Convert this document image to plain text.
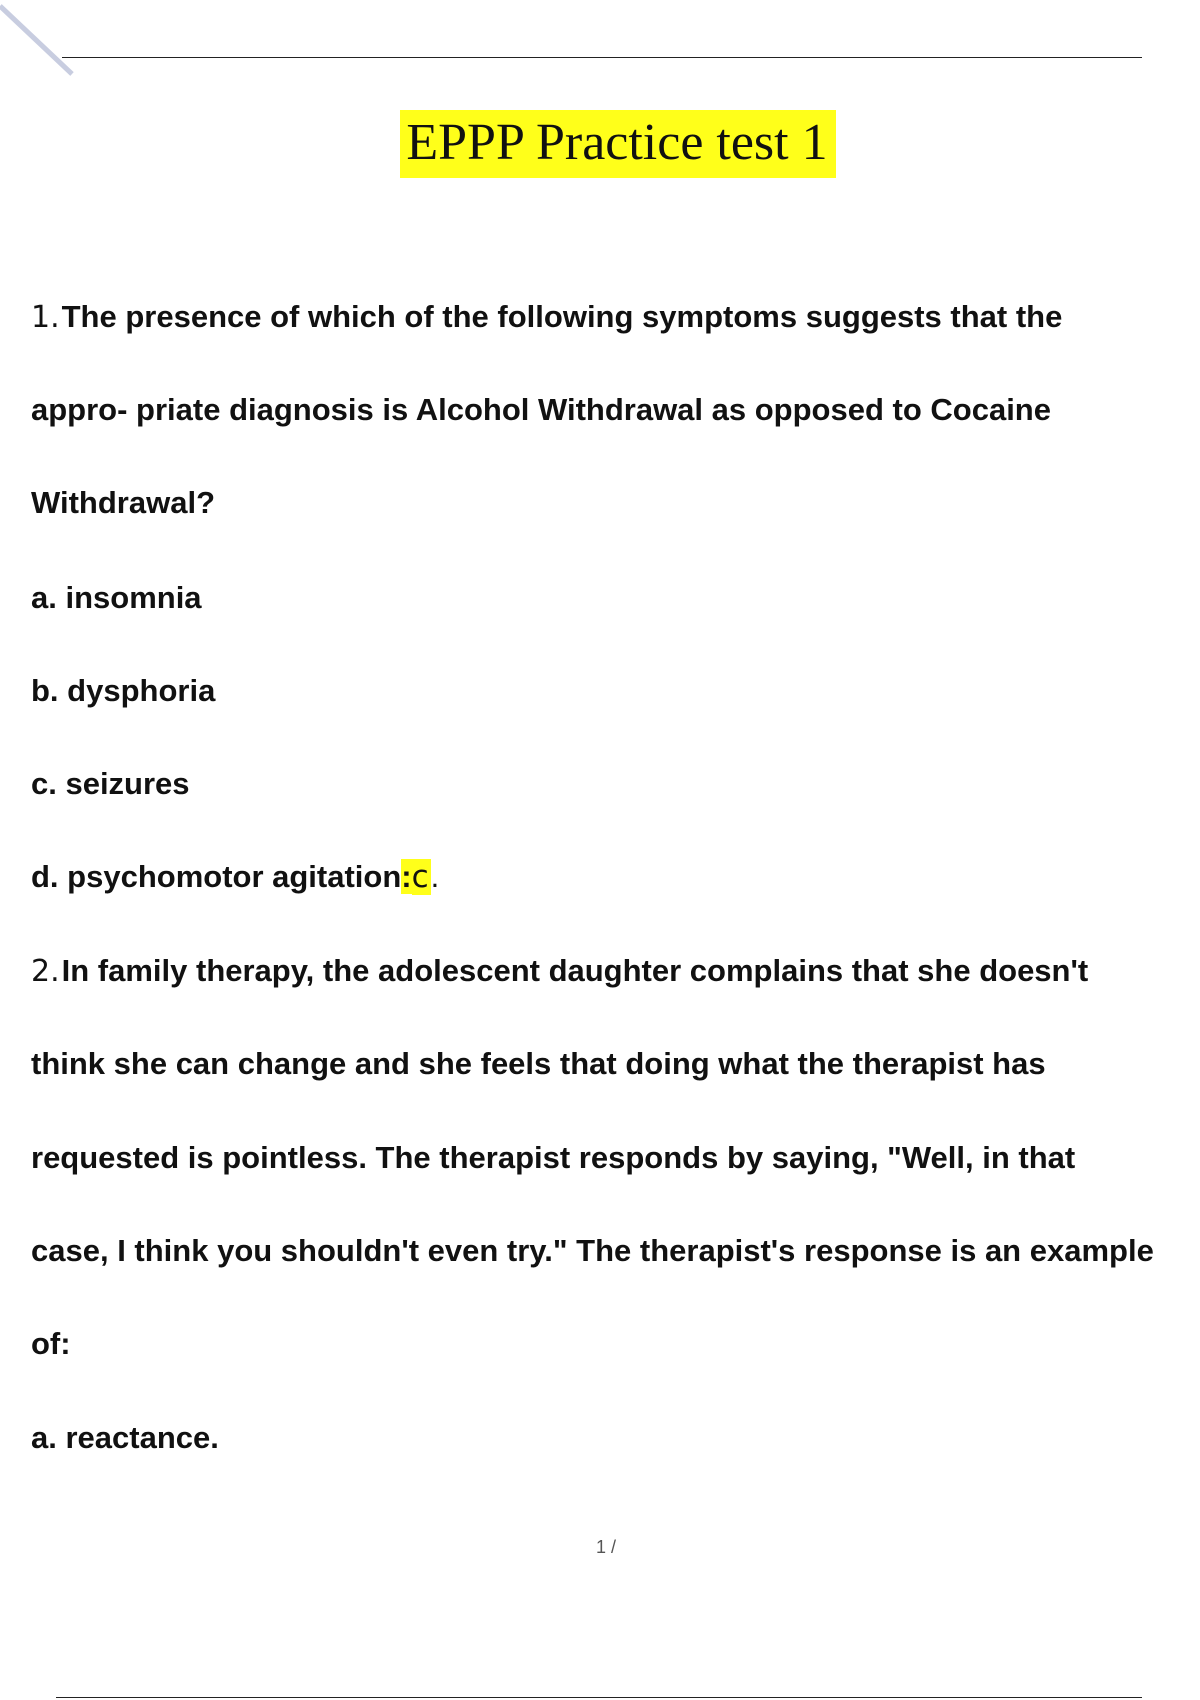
EPPP Practice test 1
1.The presence of which of the following symptoms suggests that the
appro- priate diagnosis is Alcohol Withdrawal as opposed to Cocaine
Withdrawal?
a. insomnia
b. dysphoria
c. seizures
d. psychomotor agitation:c.
2.In family therapy, the adolescent daughter complains that she doesn't
think she can change and she feels that doing what the therapist has
requested is pointless. The therapist responds by saying, "Well, in that
case, I think you shouldn't even try." The therapist's response is an example
of:
a. reactance.
1 /
